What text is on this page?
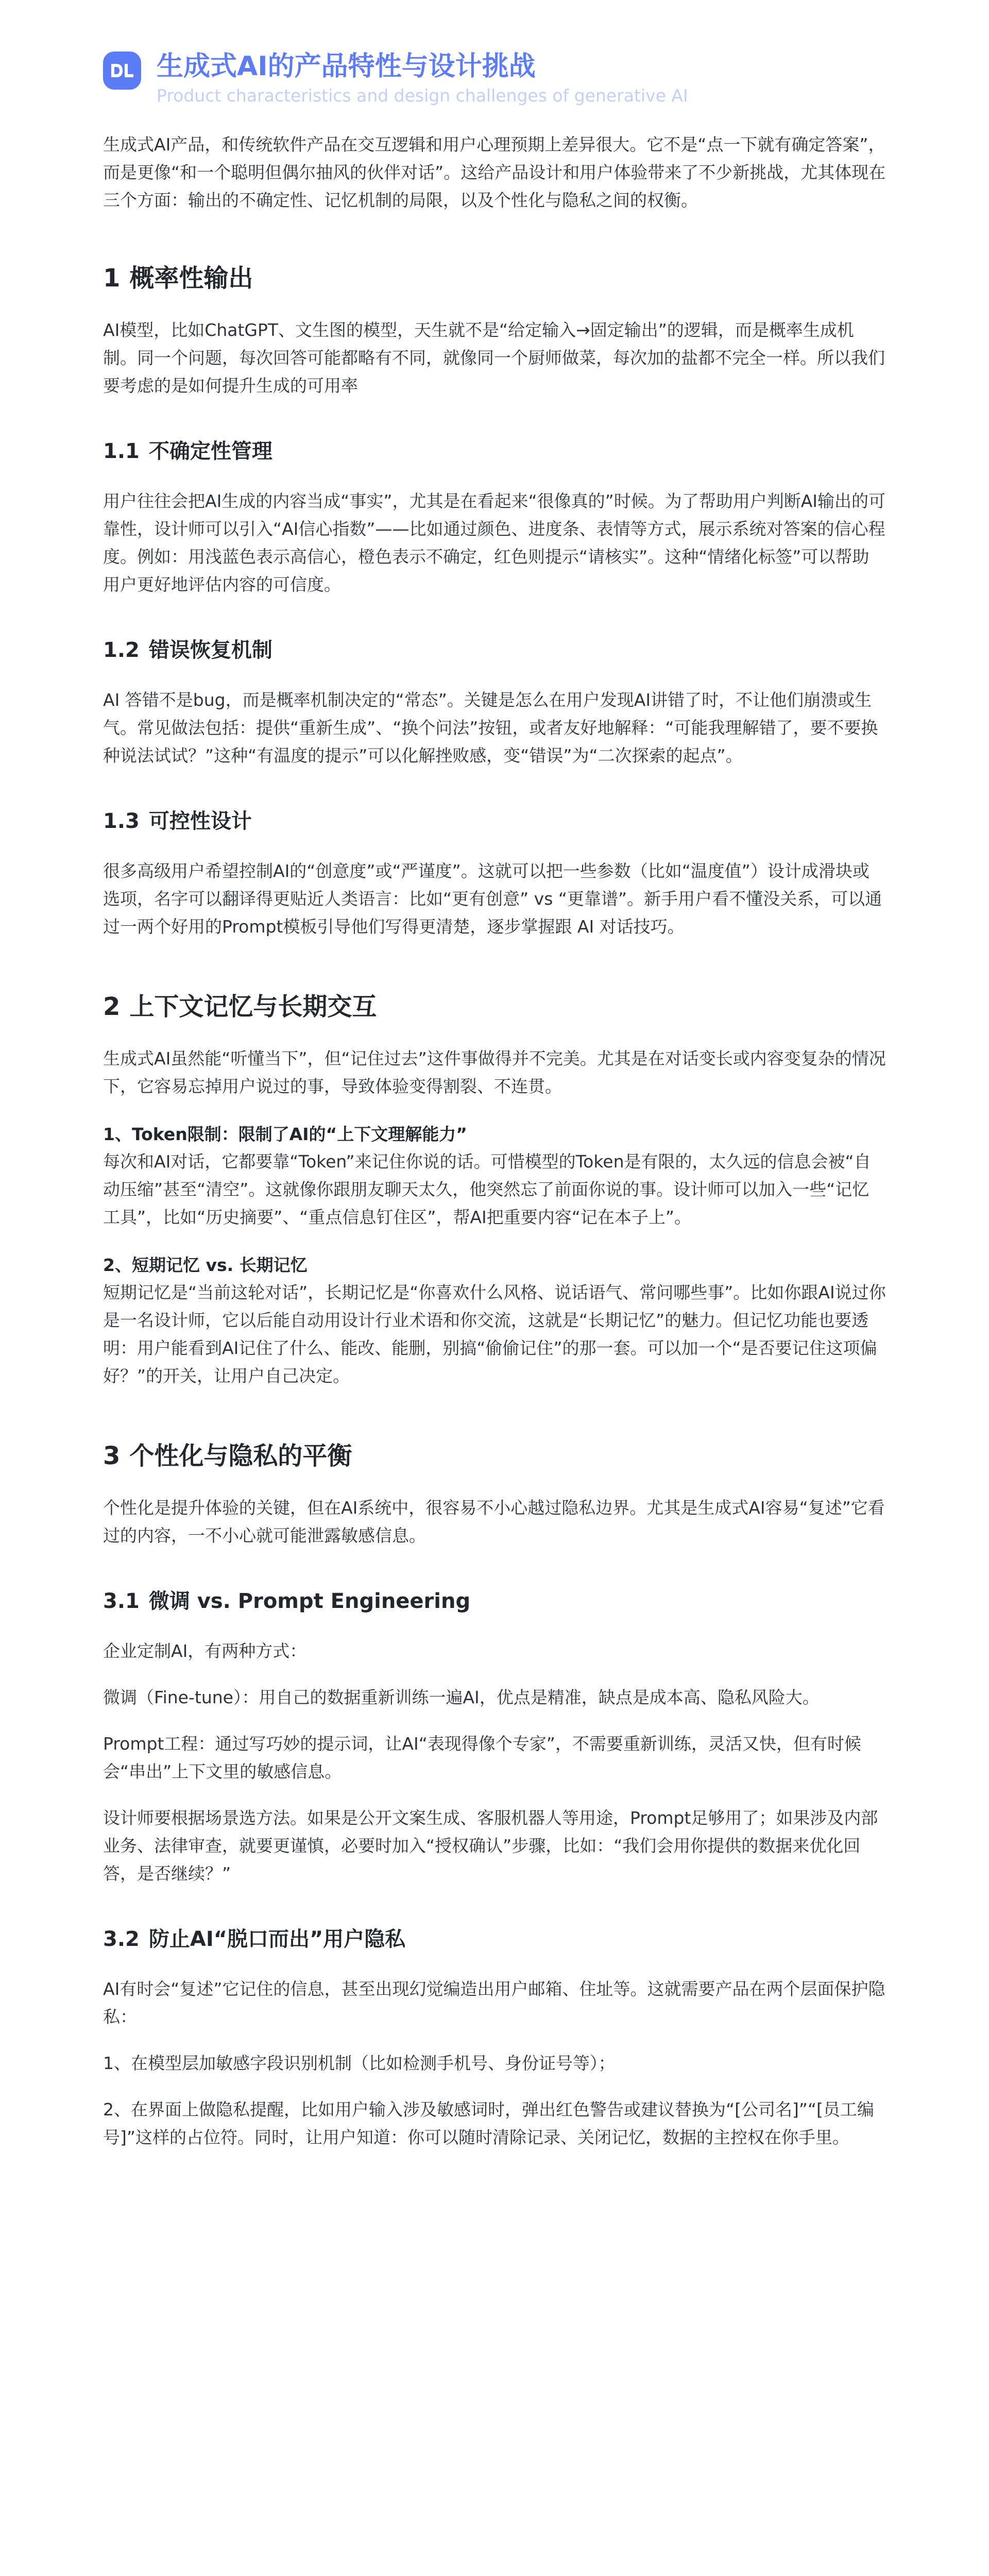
生成式AI的产品特性与设计挑战
Product characteristics and design challenges of generative AI

生成式AI产品，和传统软件产品在交互逻辑和用户心理预期上差异很大。它不是“点一下就有确定答案”，而是更像“和一个聪明但偶尔抽风的伙伴对话”。这给产品设计和用户体验带来了不少新挑战，尤其体现在三个方面：输出的不确定性、记忆机制的局限，以及个性化与隐私之间的权衡。

1 概率性输出

AI模型，比如ChatGPT、文生图的模型，天生就不是“给定输入→固定输出”的逻辑，而是概率生成机制。同一个问题，每次回答可能都略有不同，就像同一个厨师做菜，每次加的盐都不完全一样。所以我们要考虑的是如何提升生成的可用率

1.1 不确定性管理

用户往往会把AI生成的内容当成“事实”，尤其是在看起来“很像真的”时候。为了帮助用户判断AI输出的可靠性，设计师可以引入“AI信心指数”——比如通过颜色、进度条、表情等方式，展示系统对答案的信心程度。例如：用浅蓝色表示高信心，橙色表示不确定，红色则提示“请核实”。这种“情绪化标签”可以帮助用户更好地评估内容的可信度。

1.2 错误恢复机制

AI 答错不是bug，而是概率机制决定的“常态”。关键是怎么在用户发现AI讲错了时，不让他们崩溃或生气。常见做法包括：提供“重新生成”、“换个问法”按钮，或者友好地解释：“可能我理解错了，要不要换种说法试试？”这种“有温度的提示”可以化解挫败感，变“错误”为“二次探索的起点”。

1.3 可控性设计

很多高级用户希望控制AI的“创意度”或“严谨度”。这就可以把一些参数（比如“温度值”）设计成滑块或选项，名字可以翻译得更贴近人类语言：比如“更有创意” vs “更靠谱”。新手用户看不懂没关系，可以通过一两个好用的Prompt模板引导他们写得更清楚，逐步掌握跟 AI 对话技巧。

2 上下文记忆与长期交互

生成式AI虽然能“听懂当下”，但“记住过去”这件事做得并不完美。尤其是在对话变长或内容变复杂的情况下，它容易忘掉用户说过的事，导致体验变得割裂、不连贯。

1、Token限制：限制了AI的“上下文理解能力”

每次和AI对话，它都要靠“Token”来记住你说的话。可惜模型的Token是有限的，太久远的信息会被“自动压缩”甚至“清空”。这就像你跟朋友聊天太久，他突然忘了前面你说的事。设计师可以加入一些“记忆工具”，比如“历史摘要”、“重点信息钉住区”，帮AI把重要内容“记在本子上”。

2、短期记忆 vs. 长期记忆

短期记忆是“当前这轮对话”，长期记忆是“你喜欢什么风格、说话语气、常问哪些事”。比如你跟AI说过你是一名设计师，它以后能自动用设计行业术语和你交流，这就是“长期记忆”的魅力。但记忆功能也要透明：用户能看到AI记住了什么、能改、能删，别搞“偷偷记住”的那一套。可以加一个“是否要记住这项偏好？”的开关，让用户自己决定。

3 个性化与隐私的平衡

个性化是提升体验的关键，但在AI系统中，很容易不小心越过隐私边界。尤其是生成式AI容易“复述”它看过的内容，一不小心就可能泄露敏感信息。

3.1 微调 vs. Prompt Engineering

企业定制AI，有两种方式：

微调（Fine-tune）：用自己的数据重新训练一遍AI，优点是精准，缺点是成本高、隐私风险大。

Prompt工程：通过写巧妙的提示词，让AI“表现得像个专家”，不需要重新训练，灵活又快，但有时候会“串出”上下文里的敏感信息。

设计师要根据场景选方法。如果是公开文案生成、客服机器人等用途，Prompt足够用了；如果涉及内部业务、法律审查，就要更谨慎，必要时加入“授权确认”步骤，比如：“我们会用你提供的数据来优化回答，是否继续？”

3.2 防止AI“脱口而出”用户隐私

AI有时会“复述”它记住的信息，甚至出现幻觉编造出用户邮箱、住址等。这就需要产品在两个层面保护隐私：

1、在模型层加敏感字段识别机制（比如检测手机号、身份证号等）；

2、在界面上做隐私提醒，比如用户输入涉及敏感词时，弹出红色警告或建议替换为“[公司名]”“[员工编号]”这样的占位符。同时，让用户知道：你可以随时清除记录、关闭记忆，数据的主控权在你手里。
